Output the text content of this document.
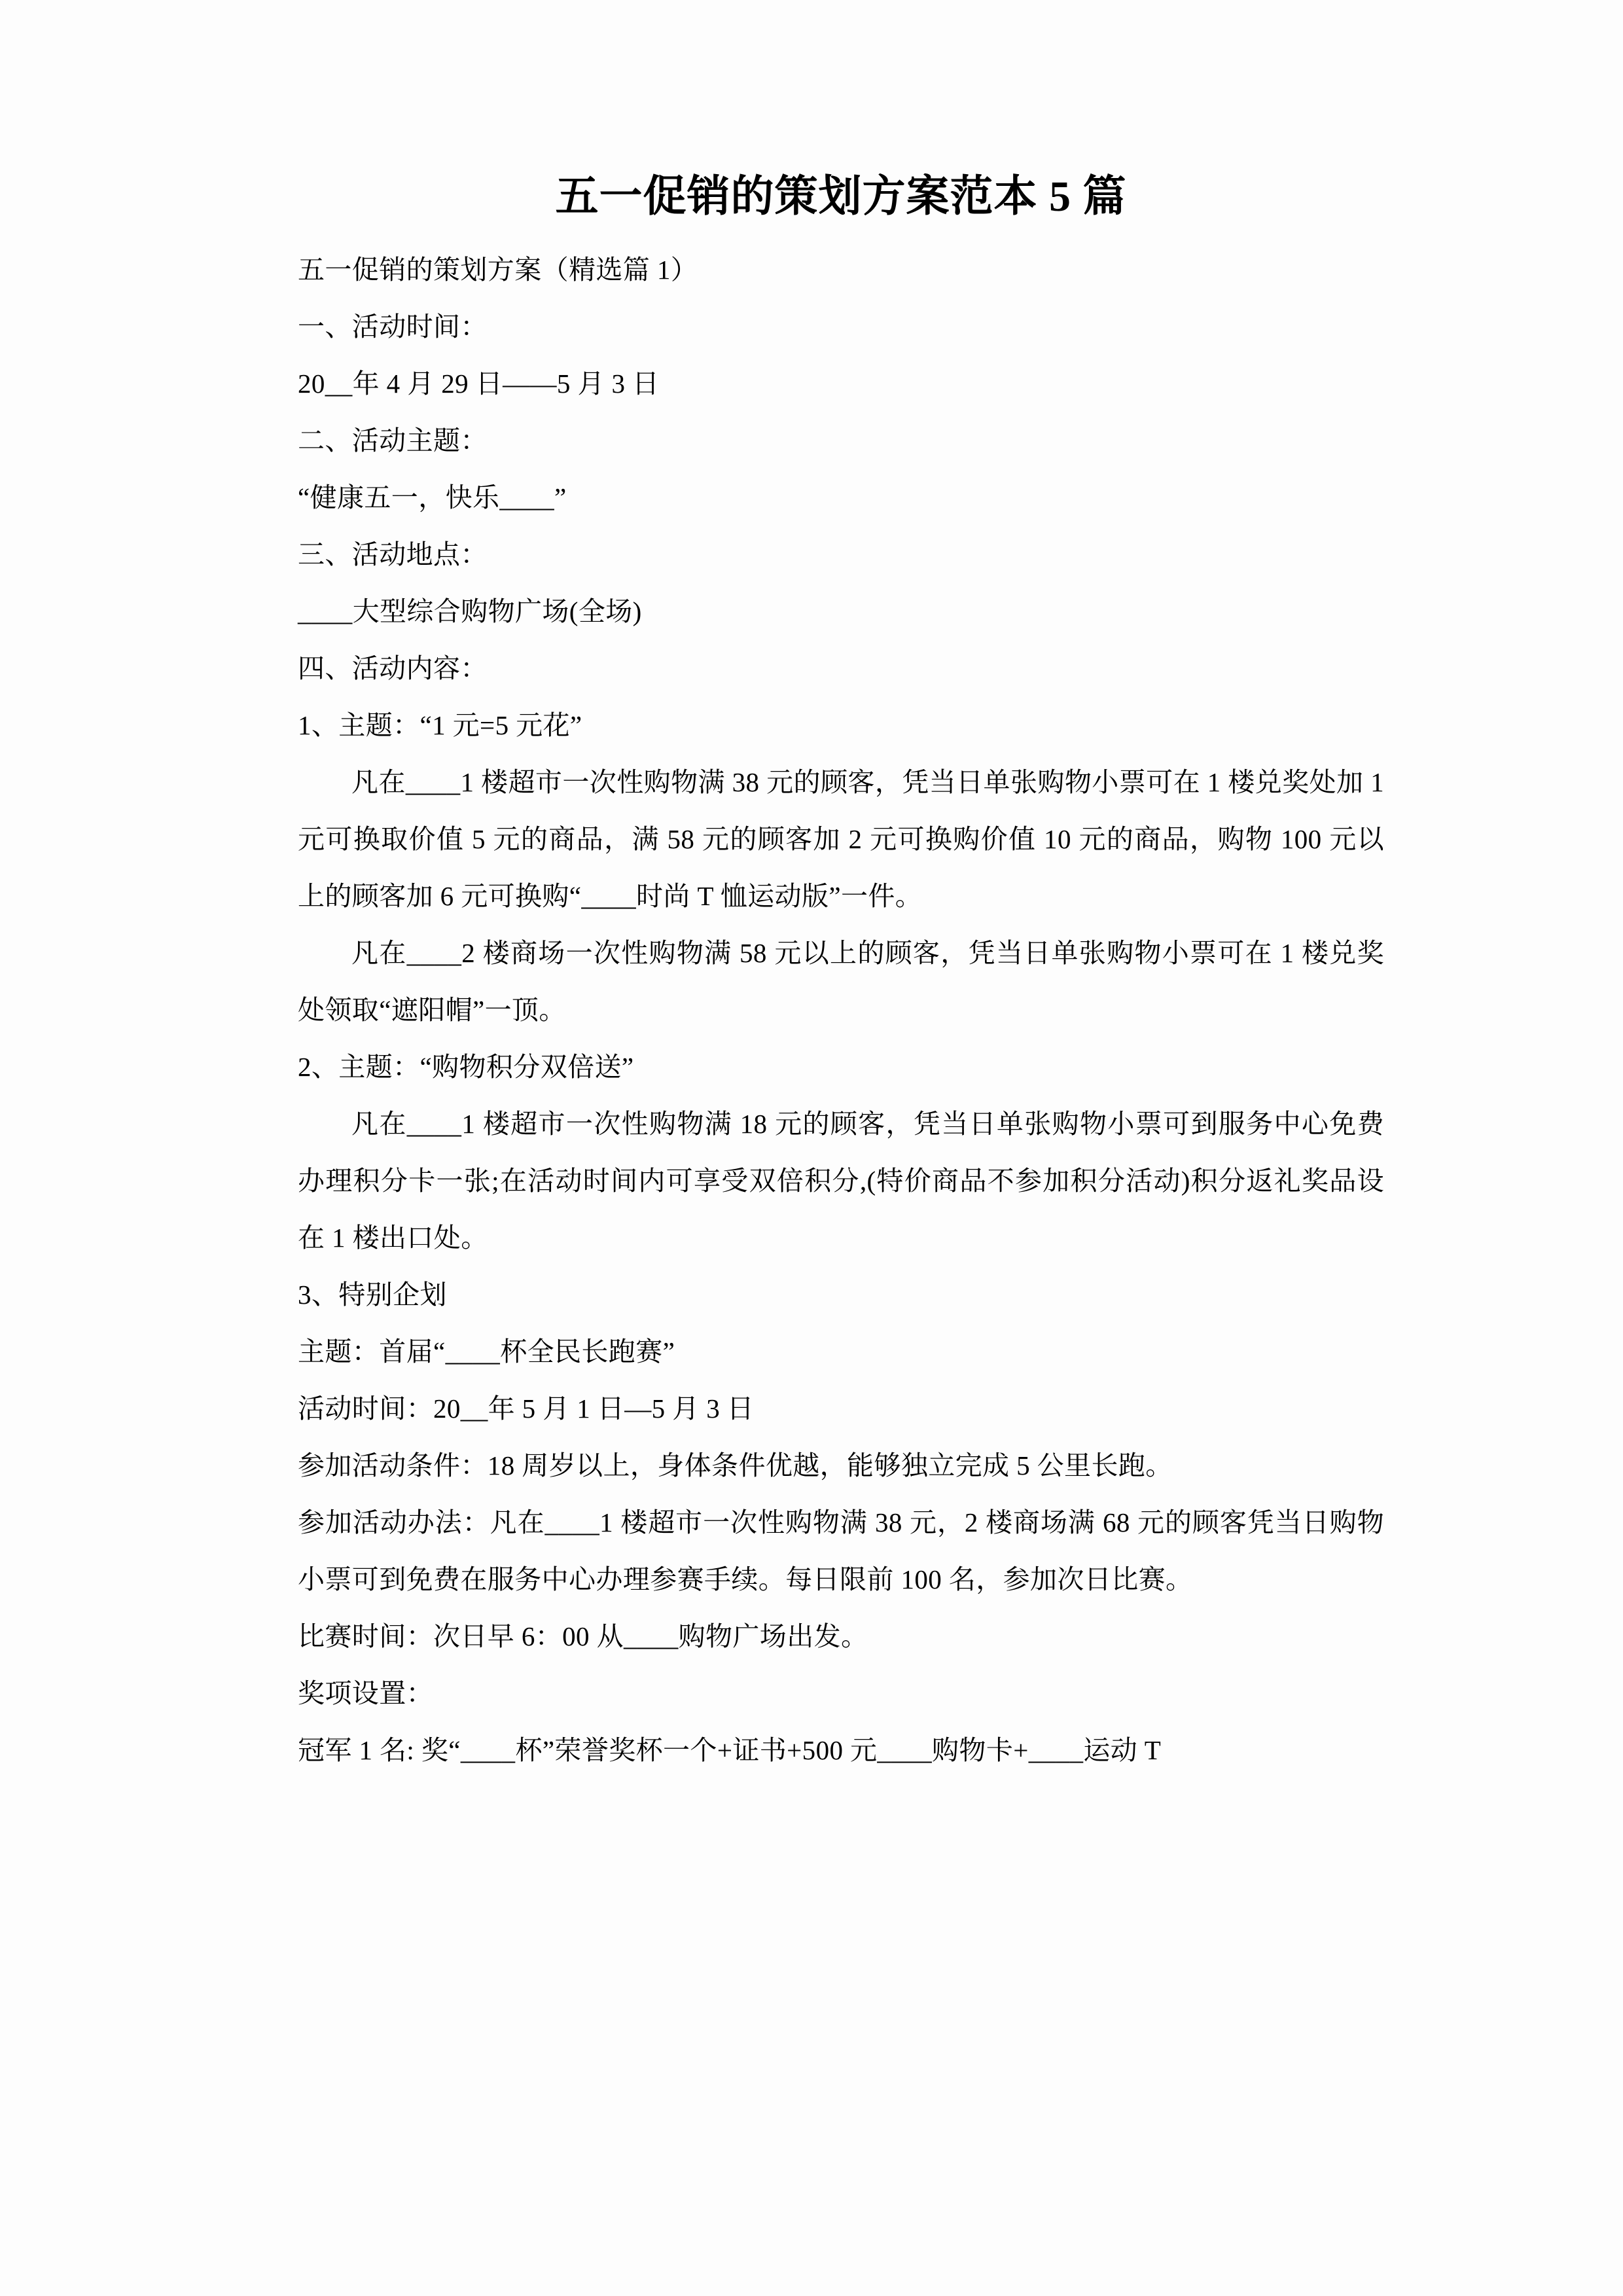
五一促销的策划方案范本 5 篇

五一促销的策划方案（精选篇 1）

一、活动时间：

20__年 4 月 29 日——5 月 3 日

二、活动主题：

“健康五一，快乐____”

三、活动地点：

____大型综合购物广场(全场)

四、活动内容：

1、主题：“1 元=5 元花”

凡在____1 楼超市一次性购物满 38 元的顾客，凭当日单张购物小票可在 1 楼兑奖处加 1 元可换取价值 5 元的商品，满 58 元的顾客加 2 元可换购价值 10 元的商品，购物 100 元以上的顾客加 6 元可换购“____时尚 T 恤运动版”一件。

凡在____2 楼商场一次性购物满 58 元以上的顾客，凭当日单张购物小票可在 1 楼兑奖处领取“遮阳帽”一顶。

2、主题：“购物积分双倍送”

凡在____1 楼超市一次性购物满 18 元的顾客，凭当日单张购物小票可到服务中心免费办理积分卡一张;在活动时间内可享受双倍积分,(特价商品不参加积分活动)积分返礼奖品设在 1 楼出口处。

3、特别企划

主题：首届“____杯全民长跑赛”

活动时间：20__年 5 月 1 日—5 月 3 日

参加活动条件：18 周岁以上，身体条件优越，能够独立完成 5 公里长跑。

参加活动办法：凡在____1 楼超市一次性购物满 38 元，2 楼商场满 68 元的顾客凭当日购物小票可到免费在服务中心办理参赛手续。每日限前 100 名，参加次日比赛。

比赛时间：次日早 6：00 从____购物广场出发。

奖项设置：

冠军 1 名: 奖“____杯”荣誉奖杯一个+证书+500 元____购物卡+____运动 T
